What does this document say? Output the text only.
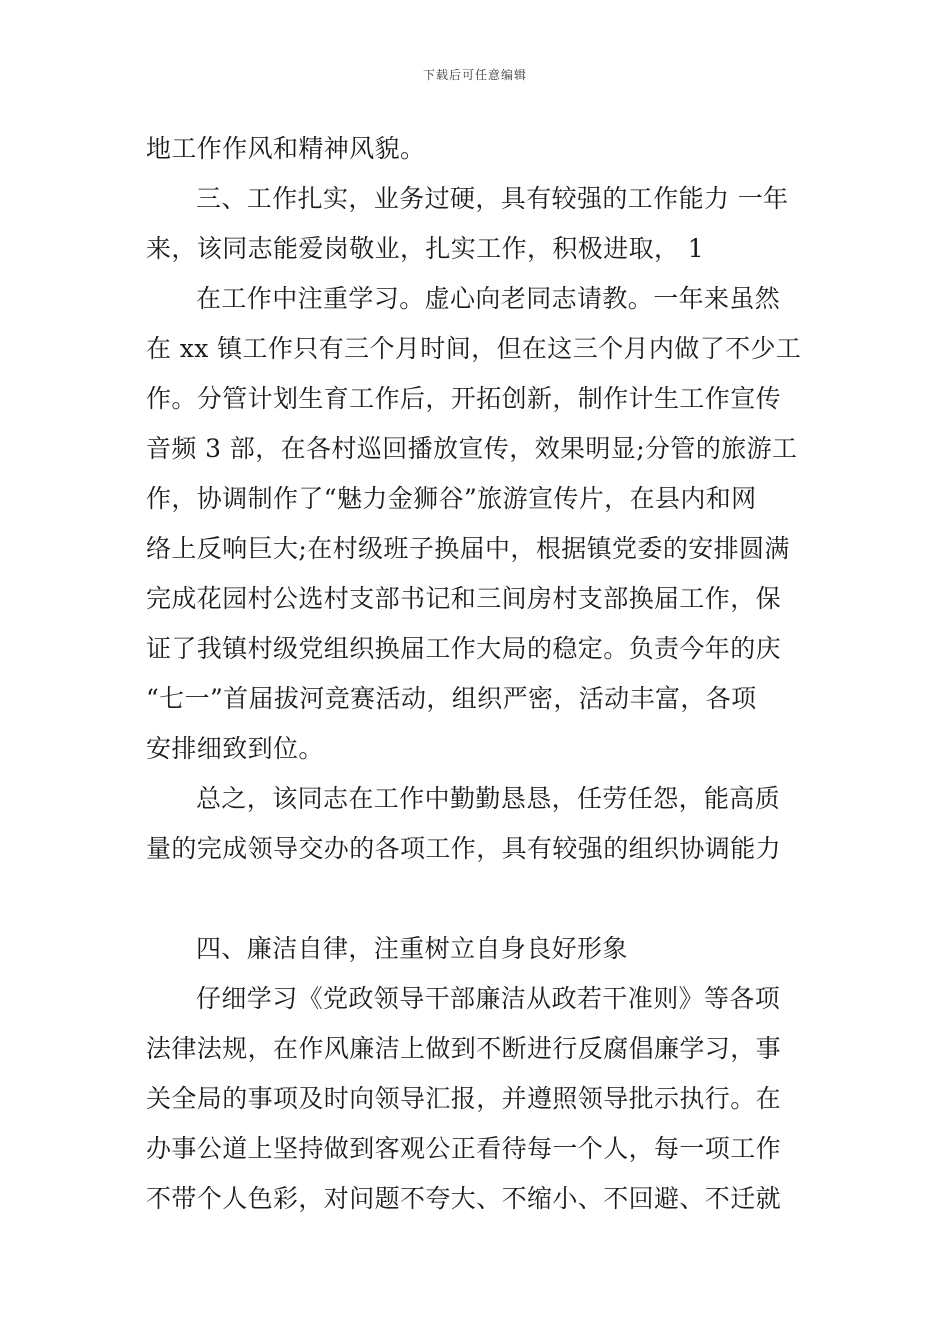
下载后可任意编辑
地工作作风和精神风貌。
三、工作扎实，业务过硬，具有较强的工作能力 一年
来，该同志能爱岗敬业，扎实工作，积极进取， 1
在工作中注重学习。虚心向老同志请教。一年来虽然
在 xx 镇工作只有三个月时间，但在这三个月内做了不少工
作。分管计划生育工作后，开拓创新，制作计生工作宣传
音频 3 部，在各村巡回播放宣传，效果明显;分管的旅游工
作，协调制作了“魅力金狮谷”旅游宣传片，在县内和网
络上反响巨大;在村级班子换届中，根据镇党委的安排圆满
完成花园村公选村支部书记和三间房村支部换届工作，保
证了我镇村级党组织换届工作大局的稳定。负责今年的庆
“七一”首届拔河竞赛活动，组织严密，活动丰富，各项
安排细致到位。
总之，该同志在工作中勤勤恳恳，任劳任怨，能高质
量的完成领导交办的各项工作，具有较强的组织协调能力
四、廉洁自律，注重树立自身良好形象
仔细学习《党政领导干部廉洁从政若干准则》等各项
法律法规，在作风廉洁上做到不断进行反腐倡廉学习，事
关全局的事项及时向领导汇报，并遵照领导批示执行。在
办事公道上坚持做到客观公正看待每一个人，每一项工作
不带个人色彩，对问题不夸大、不缩小、不回避、不迁就
